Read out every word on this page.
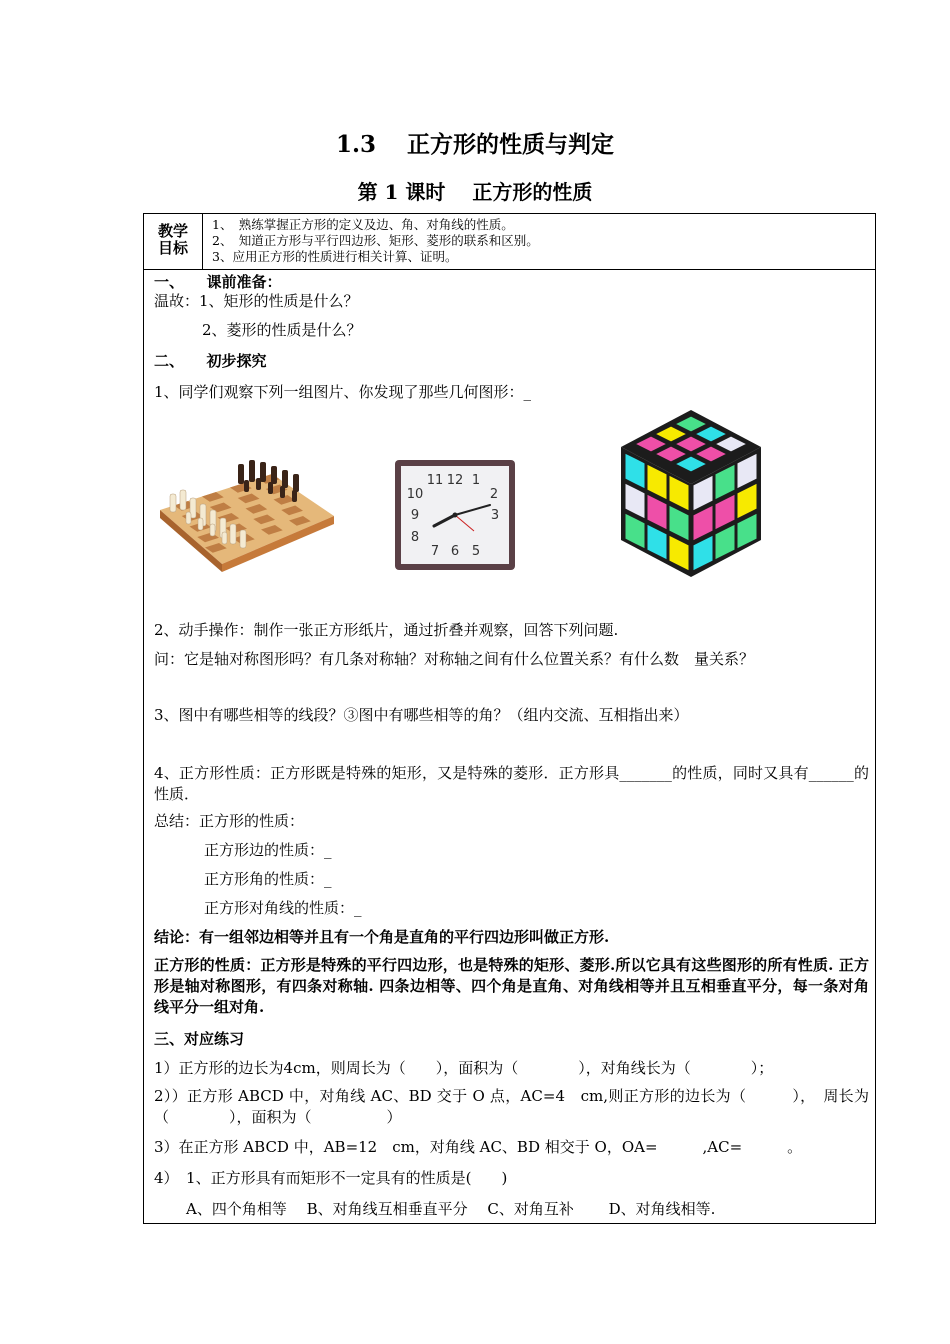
1.3　 正方形的性质与判定
第 1 课时　 正方形的性质
教学
目标
1、　熟练掌握正方形的定义及边、角、对角线的性质。
2、　知道正方形与平行四边形、矩形、菱形的联系和区别。
3、应用正方形的性质进行相关计算、证明。
一、　　课前准备：
温故：1、矩形的性质是什么？
2、菱形的性质是什么？
二、　　初步探究
1、同学们观察下列一组图片、你发现了那些几何图形：_
12 1
2
3
5
6
7
8
9
10
11
2、动手操作：制作一张正方形纸片，通过折叠并观察，回答下列问题.
问：它是轴对称图形吗？有几条对称轴？对称轴之间有什么位置关系？有什么数　量关系？
3、图中有哪些相等的线段？③图中有哪些相等的角？（组内交流、互相指出来）
4、正方形性质：正方形既是特殊的矩形，又是特殊的菱形．正方形具_______的性质，同时又具有______的性质．
总结：正方形的性质：
正方形边的性质：_
正方形角的性质：_
正方形对角线的性质：_
结论：有一组邻边相等并且有一个角是直角的平行四边形叫做正方形.
正方形的性质：正方形是特殊的平行四边形，也是特殊的矩形、菱形.所以它具有这些图形的所有性质. 正方形是轴对称图形，有四条对称轴. 四条边相等、四个角是直角、对角线相等并且互相垂直平分，每一条对角线平分一组对角.
三、对应练习
1）正方形的边长为4cm，则周长为（　　），面积为（　　　　），对角线长为（　　　　）；
2））正方形 ABCD 中，对角线 AC、BD 交于 O 点，AC=4　cm,则正方形的边长为（　　　），　周长为（　　　　），面积为（　　　　　）
3）在正方形 ABCD 中，AB=12　cm，对角线 AC、BD 相交于 O，OA=　　　,AC=　　　。
4）　1、正方形具有而矩形不一定具有的性质是(　　)
A、四个角相等　 B、对角线互相垂直平分　 C、对角互补　　 D、对角线相等.
